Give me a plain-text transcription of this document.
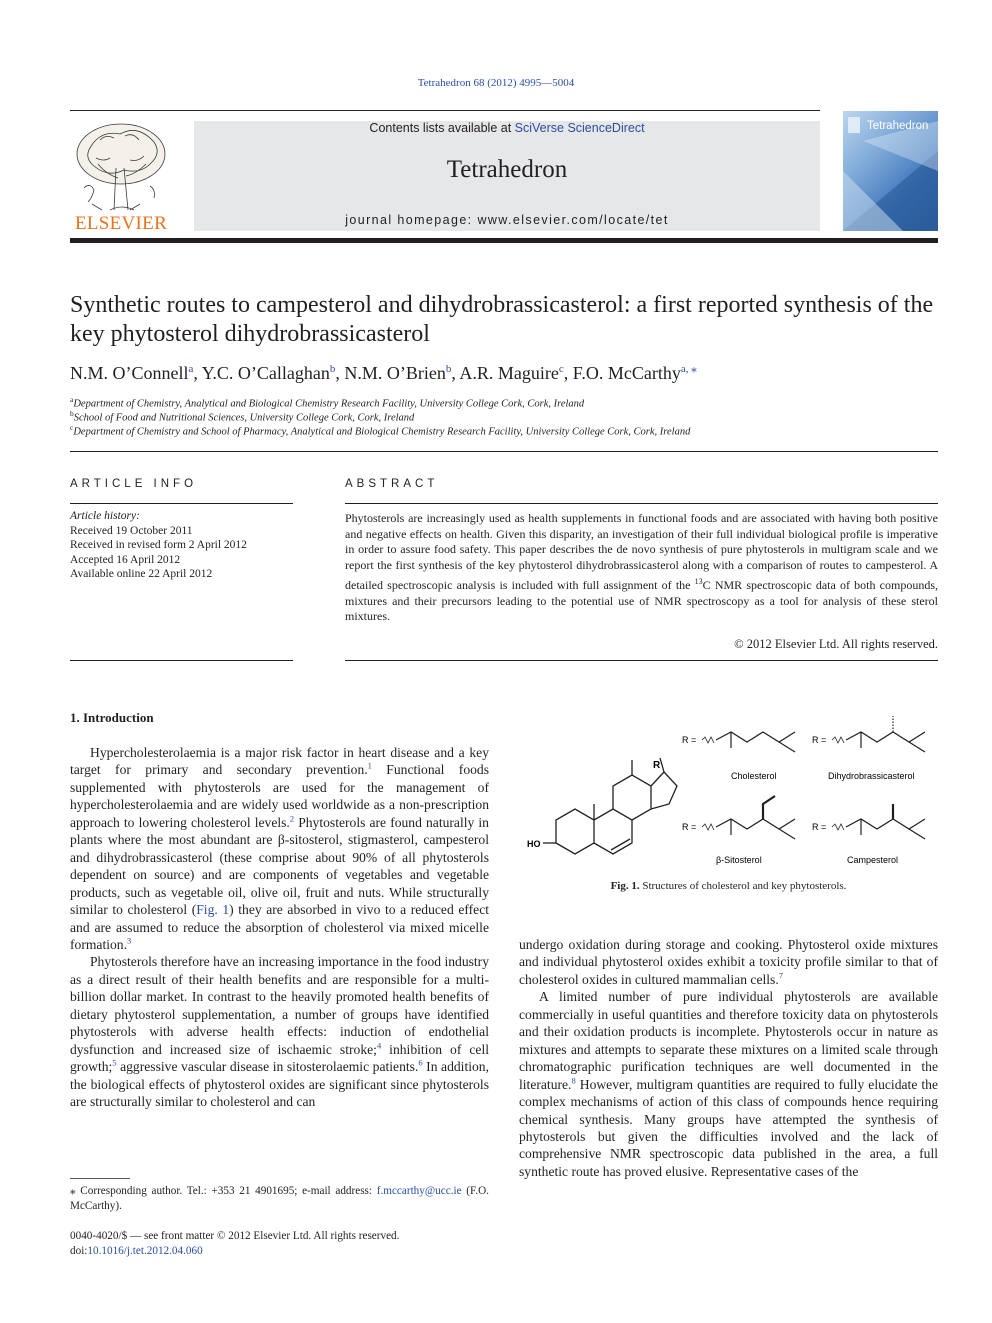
Tetrahedron 68 (2012) 4995—5004
ELSEVIER
Contents lists available at SciVerse ScienceDirect
Tetrahedron
journal homepage: www.elsevier.com/locate/tet
Tetrahedron
Synthetic routes to campesterol and dihydrobrassicasterol: a first reported synthesis of the key phytosterol dihydrobrassicasterol
N.M. O’Connell$^a$, Y.C. O’Callaghan$^b$, N.M. O’Brien$^b$, A.R. Maguire$^c$, F.O. McCarthy$^{a, ⁎}$
$^a$Department of Chemistry, Analytical and Biological Chemistry Research Facility, University College Cork, Cork, Ireland
$^b$School of Food and Nutritional Sciences, University College Cork, Cork, Ireland
$^c$Department of Chemistry and School of Pharmacy, Analytical and Biological Chemistry Research Facility, University College Cork, Cork, Ireland
ARTICLE INFO
Article history:
Received 19 October 2011
Received in revised form 2 April 2012
Accepted 16 April 2012
Available online 22 April 2012
ABSTRACT
Phytosterols are increasingly used as health supplements in functional foods and are associated with having both positive and negative effects on health. Given this disparity, an investigation of their full individual biological profile is imperative in order to assure food safety. This paper describes the de novo synthesis of pure phytosterols in multigram scale and we report the first synthesis of the key phytosterol dihydrobrassicasterol along with a comparison of routes to campesterol. A detailed spectroscopic analysis is included with full assignment of the $^{13}$C NMR spectroscopic data of both compounds, mixtures and their precursors leading to the potential use of NMR spectroscopy as a tool for analysis of these sterol mixtures.
© 2012 Elsevier Ltd. All rights reserved.
1. Introduction

Hypercholesterolaemia is a major risk factor in heart disease and a key target for primary and secondary prevention.$^1$ Functional foods supplemented with phytosterols are used for the management of hypercholesterolaemia and are widely used worldwide as a non-prescription approach to lowering cholesterol levels.$^2$ Phytosterols are found naturally in plants where the most abundant are β-sitosterol, stigmasterol, campesterol and dihydrobrassicasterol (these comprise about 90% of all phytosterols dependent on source) and are components of vegetables and vegetable products, such as vegetable oil, olive oil, fruit and nuts. While structurally similar to cholesterol (Fig. 1) they are absorbed in vivo to a reduced effect and are assumed to reduce the absorption of cholesterol via mixed micelle formation.$^3$

Phytosterols therefore have an increasing importance in the food industry as a direct result of their health benefits and are responsible for a multi-billion dollar market. In contrast to the heavily promoted health benefits of dietary phytosterol supplementation, a number of groups have identified phytosterols with adverse health effects: induction of endothelial dysfunction and increased size of ischaemic stroke;$^4$ inhibition of cell growth;$^5$ aggressive vascular disease in sitosterolaemic patients.$^6$ In addition, the biological effects of phytosterol oxides are significant since phytosterols are structurally similar to cholesterol and can

⁎ Corresponding author. Tel.: +353 21 4901695; e-mail address: f.mccarthy@ucc.ie (F.O. McCarthy).
0040-4020/$ — see front matter © 2012 Elsevier Ltd. All rights reserved.
doi:10.1016/j.tet.2012.04.060
HO
R
R =
Cholesterol
R =
Dihydrobrassicasterol
R =
β-Sitosterol
R =
Campesterol
Fig. 1. Structures of cholesterol and key phytosterols.

undergo oxidation during storage and cooking. Phytosterol oxide mixtures and individual phytosterol oxides exhibit a toxicity profile similar to that of cholesterol oxides in cultured mammalian cells.$^7$

A limited number of pure individual phytosterols are available commercially in useful quantities and therefore toxicity data on phytosterols and their oxidation products is incomplete. Phytosterols occur in nature as mixtures and attempts to separate these mixtures on a limited scale through chromatographic purification techniques are well documented in the literature.$^8$ However, multigram quantities are required to fully elucidate the complex mechanisms of action of this class of compounds hence requiring chemical synthesis. Many groups have attempted the synthesis of phytosterols but given the difficulties involved and the lack of comprehensive NMR spectroscopic data published in the area, a full synthetic route has proved elusive. Representative cases of the
